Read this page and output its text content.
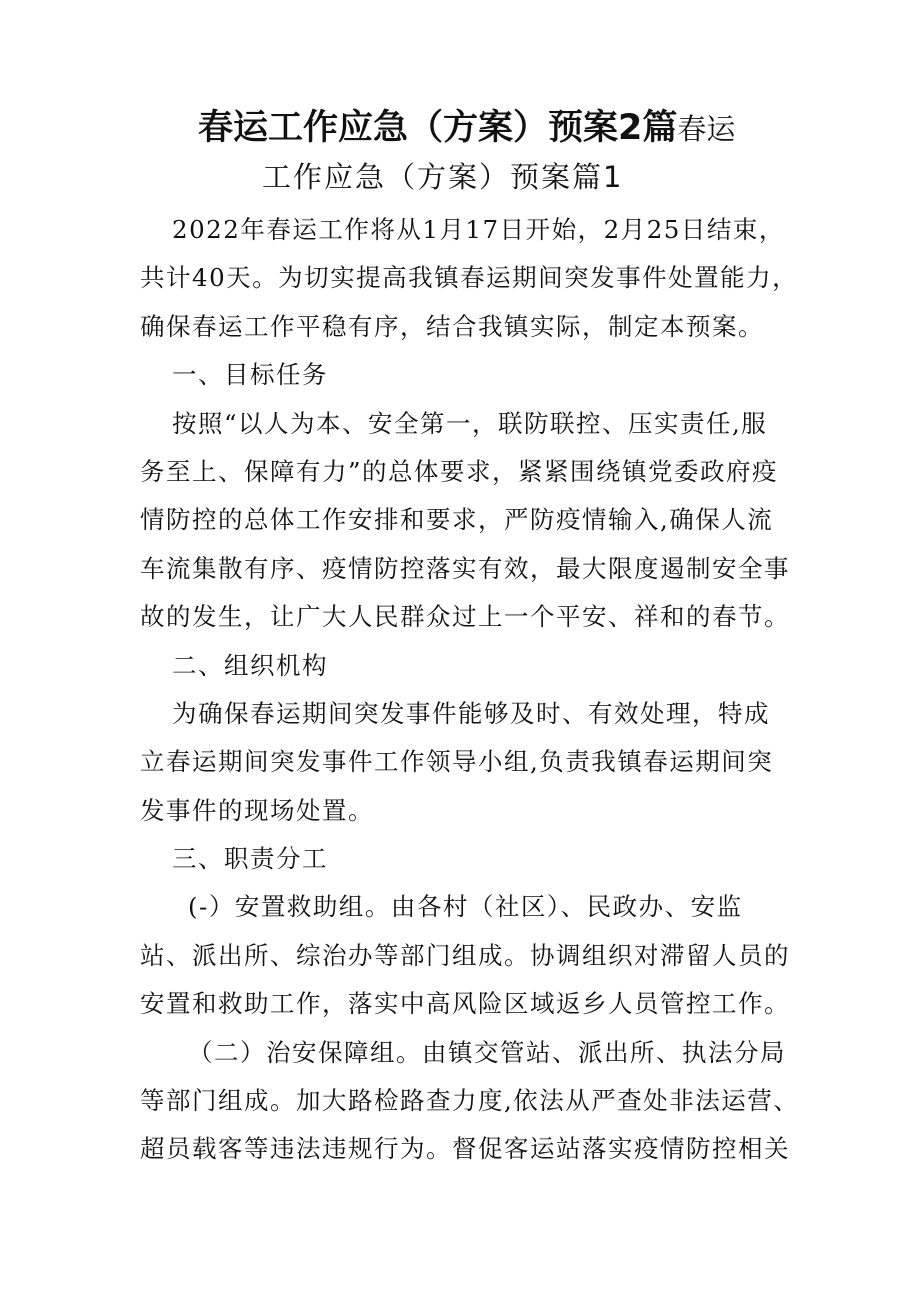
春运工作应急（方案）预案2篇春运
工作应急（方案）预案篇1
2022年春运工作将从1月17日开始，2月25日结束，
共计40天。为切实提高我镇春运期间突发事件处置能力，
确保春运工作平稳有序，结合我镇实际，制定本预案。
一、目标任务
按照“以人为本、安全第一，联防联控、压实责任,服
务至上、保障有力”的总体要求，紧紧围绕镇党委政府疫
情防控的总体工作安排和要求，严防疫情输入,确保人流
车流集散有序、疫情防控落实有效，最大限度遏制安全事
故的发生，让广大人民群众过上一个平安、祥和的春节。
二、组织机构
为确保春运期间突发事件能够及时、有效处理，特成
立春运期间突发事件工作领导小组,负责我镇春运期间突
发事件的现场处置。
三、职责分工
(-）安置救助组。由各村（社区）、民政办、安监
站、派出所、综治办等部门组成。协调组织对滞留人员的
安置和救助工作，落实中高风险区域返乡人员管控工作。
（二）治安保障组。由镇交管站、派出所、执法分局
等部门组成。加大路检路查力度,依法从严查处非法运营、
超员载客等违法违规行为。督促客运站落实疫情防控相关
